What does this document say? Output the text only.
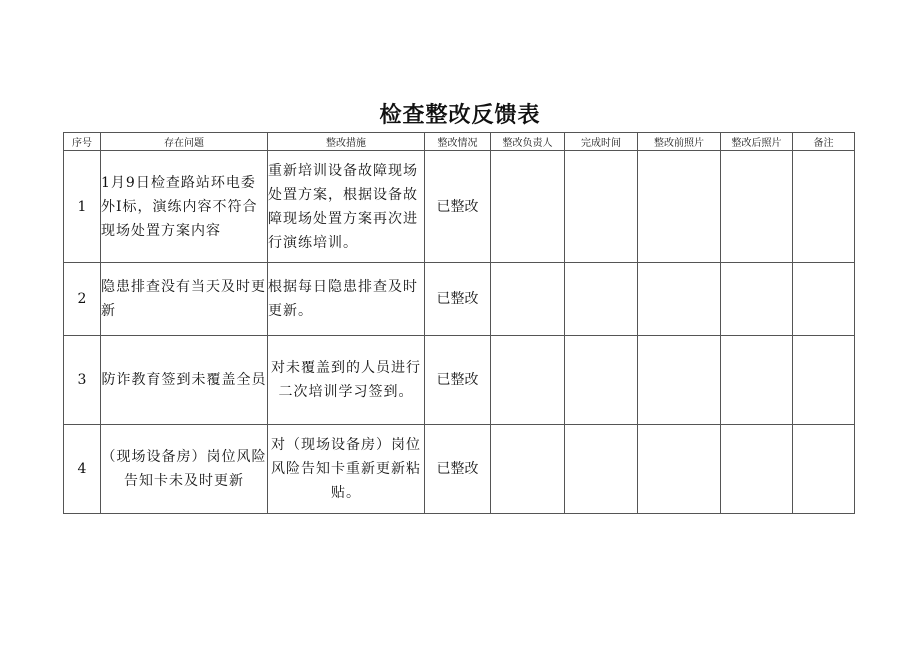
检查整改反馈表
序号	存在问题	整改措施	整改情况	整改负责人	完成时间	整改前照片	整改后照片	备注
1	1月9日检查路站环电委外Ⅰ标，演练内容不符合现场处置方案内容	重新培训设备故障现场处置方案，根据设备故障现场处置方案再次进行演练培训。	已整改					
2	隐患排查没有当天及时更新	根据每日隐患排查及时更新。	已整改					
3	防诈教育签到未覆盖全员	对未覆盖到的人员进行二次培训学习签到。	已整改					
4	（现场设备房）岗位风险告知卡未及时更新	对（现场设备房）岗位风险告知卡重新更新粘贴。	已整改					
